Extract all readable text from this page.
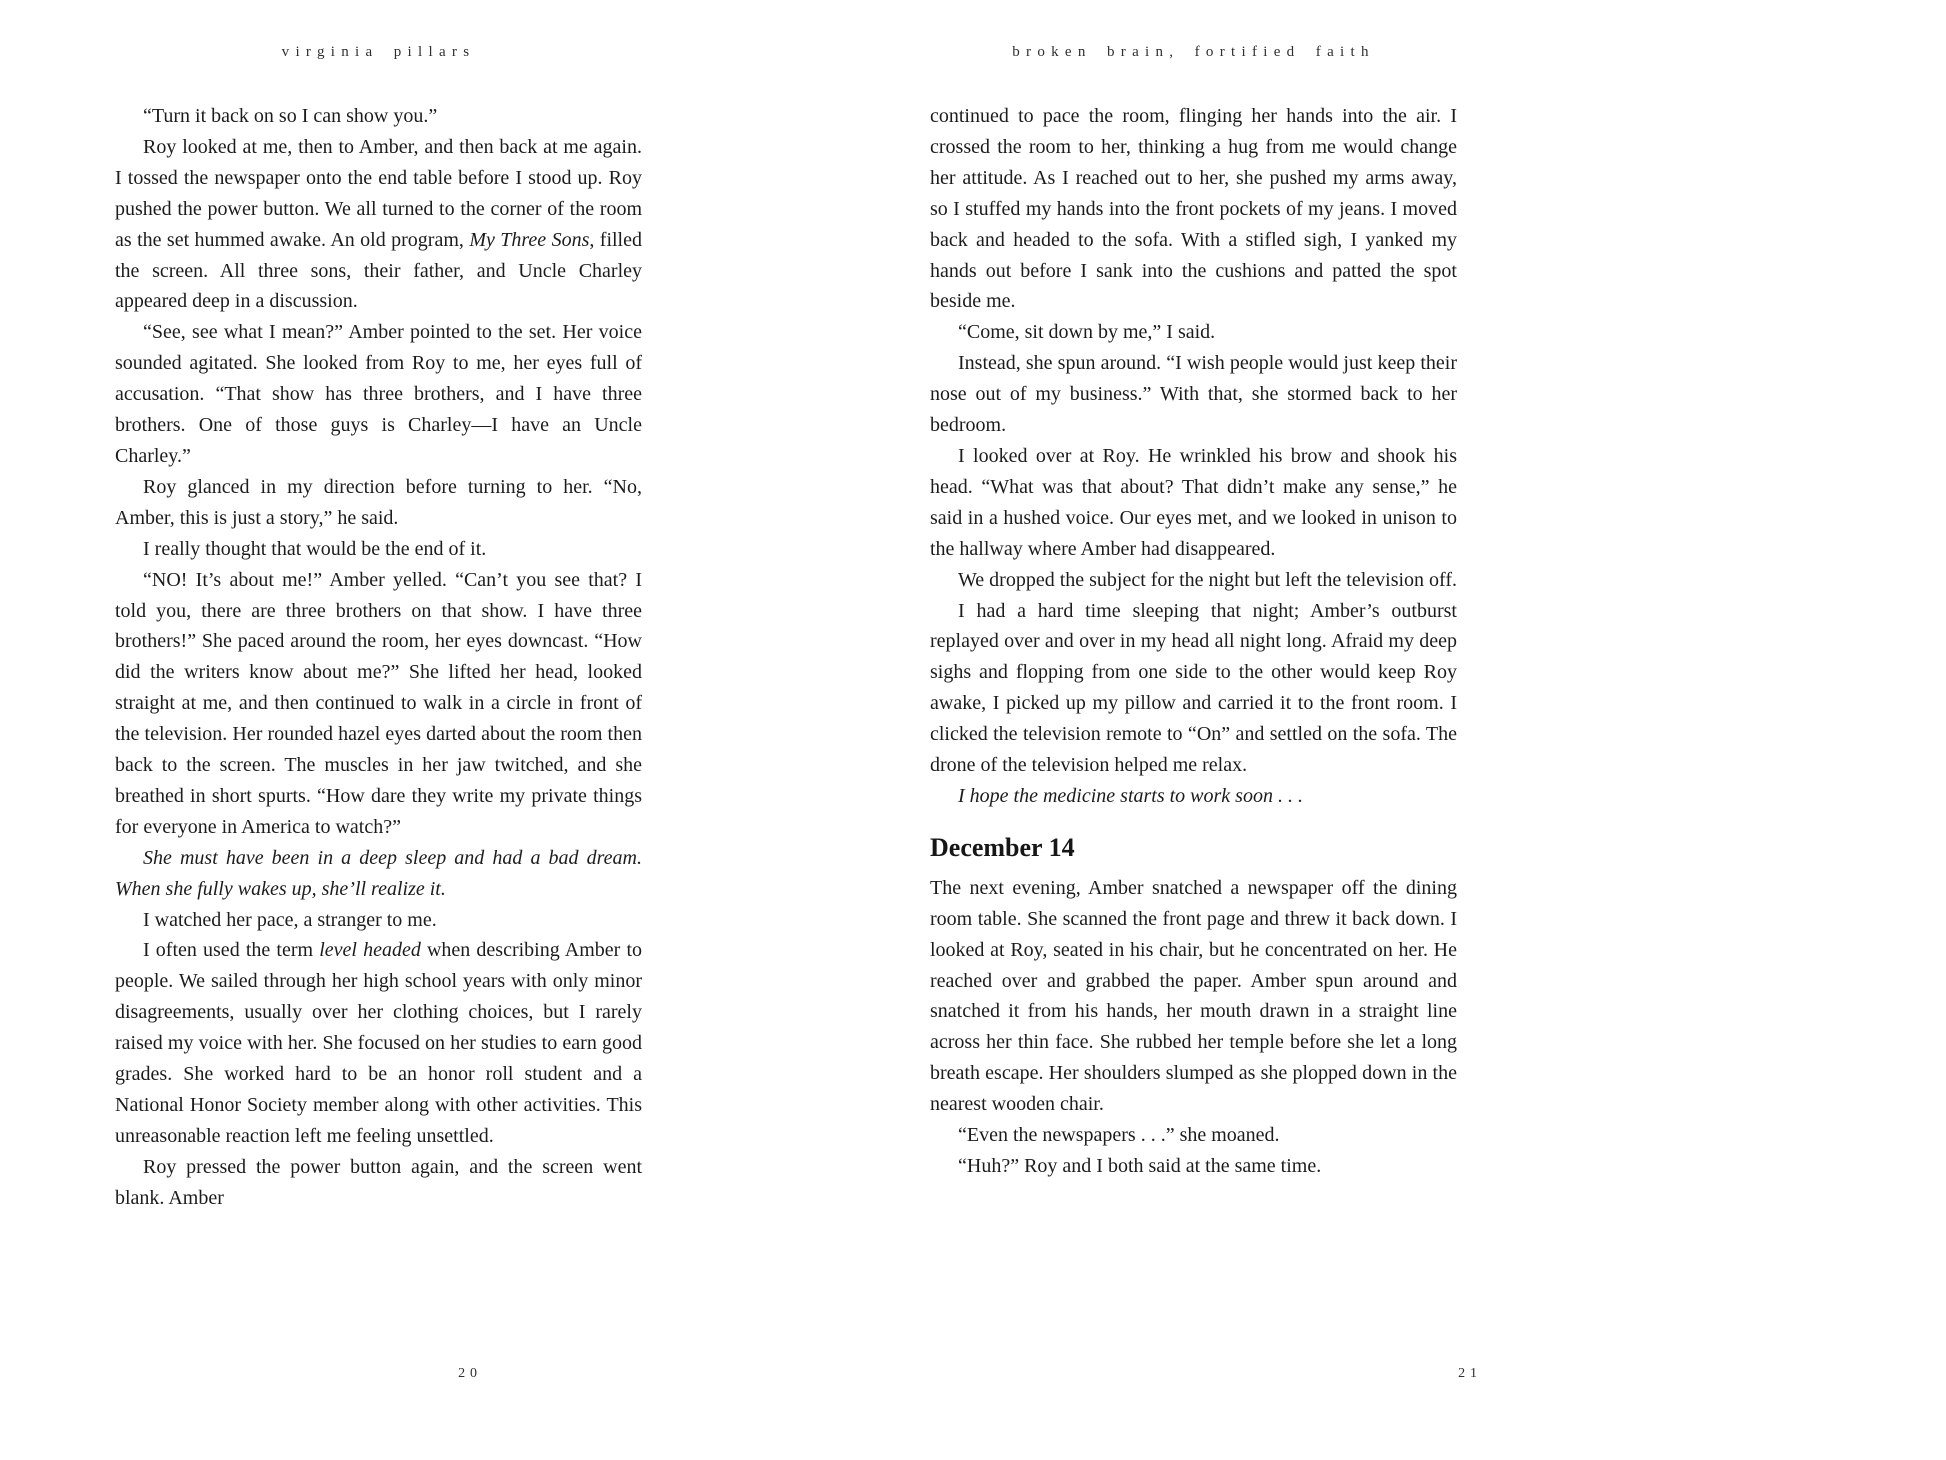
virginia pillars

“Turn it back on so I can show you.”

Roy looked at me, then to Amber, and then back at me again. I tossed the newspaper onto the end table before I stood up. Roy pushed the power button. We all turned to the corner of the room as the set hummed awake. An old program, My Three Sons, filled the screen. All three sons, their father, and Uncle Charley appeared deep in a discussion.

“See, see what I mean?” Amber pointed to the set. Her voice sounded agitated. She looked from Roy to me, her eyes full of accusation. “That show has three brothers, and I have three brothers. One of those guys is Charley—I have an Uncle Charley.”

Roy glanced in my direction before turning to her. “No, Amber, this is just a story,” he said.

I really thought that would be the end of it.

“NO! It’s about me!” Amber yelled. “Can’t you see that? I told you, there are three brothers on that show. I have three brothers!” She paced around the room, her eyes downcast. “How did the writers know about me?” She lifted her head, looked straight at me, and then continued to walk in a circle in front of the television. Her rounded hazel eyes darted about the room then back to the screen. The muscles in her jaw twitched, and she breathed in short spurts. “How dare they write my private things for everyone in America to watch?”

She must have been in a deep sleep and had a bad dream. When she fully wakes up, she’ll realize it.

I watched her pace, a stranger to me.

I often used the term level headed when describing Amber to people. We sailed through her high school years with only minor disagreements, usually over her clothing choices, but I rarely raised my voice with her. She focused on her studies to earn good grades. She worked hard to be an honor roll student and a National Honor Society member along with other activities. This unreasonable reaction left me feeling unsettled.

Roy pressed the power button again, and the screen went blank. Amber

20
broken brain, fortified faith

continued to pace the room, flinging her hands into the air. I crossed the room to her, thinking a hug from me would change her attitude. As I reached out to her, she pushed my arms away, so I stuffed my hands into the front pockets of my jeans. I moved back and headed to the sofa. With a stifled sigh, I yanked my hands out before I sank into the cushions and patted the spot beside me.

“Come, sit down by me,” I said.

Instead, she spun around. “I wish people would just keep their nose out of my business.” With that, she stormed back to her bedroom.

I looked over at Roy. He wrinkled his brow and shook his head. “What was that about? That didn’t make any sense,” he said in a hushed voice. Our eyes met, and we looked in unison to the hallway where Amber had disappeared.

We dropped the subject for the night but left the television off.

I had a hard time sleeping that night; Amber’s outburst replayed over and over in my head all night long. Afraid my deep sighs and flopping from one side to the other would keep Roy awake, I picked up my pillow and carried it to the front room. I clicked the television remote to “On” and settled on the sofa. The drone of the television helped me relax.

I hope the medicine starts to work soon . . .

December 14

The next evening, Amber snatched a newspaper off the dining room table. She scanned the front page and threw it back down. I looked at Roy, seated in his chair, but he concentrated on her. He reached over and grabbed the paper. Amber spun around and snatched it from his hands, her mouth drawn in a straight line across her thin face. She rubbed her temple before she let a long breath escape. Her shoulders slumped as she plopped down in the nearest wooden chair.

“Even the newspapers . . .” she moaned.

“Huh?” Roy and I both said at the same time.

21
